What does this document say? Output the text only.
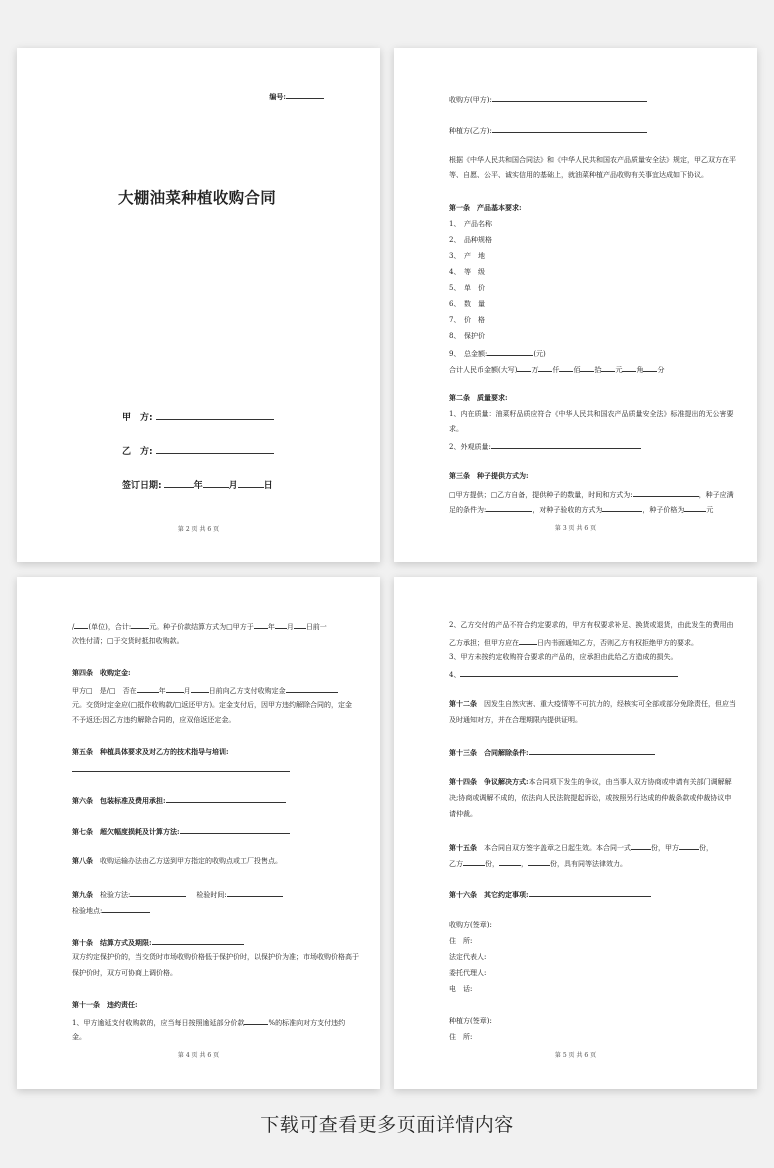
编号:
大棚油菜种植收购合同
甲　方:
乙　方:
签订日期:	年	月	日
第 2 页 共 6 页
收购方(甲方):
种植方(乙方):
根据《中华人民共和国合同法》和《中华人民共和国农产品质量安全法》规定，甲乙双方在平
等、自愿、公平、诚实信用的基础上，就油菜种植产品收购有关事宜达成如下协议。
第一条　产品基本要求:
1、　产品名称
2、　品种规格
3、　产　地
4、　等　级
5、　单　价
6、　数　量
7、　价　格
8、　保护价
9、　总金额:	(元)
合计人民币金额(大写) 万 仟 佰 拾 元 角 分
第二条　质量要求:
1、内在质量：油菜籽品质应符合《中华人民共和国农产品质量安全法》标准提出的无公害要
求。
2、外观质量:
第三条　种子提供方式为:
□甲方提供；□乙方自备，提供种子的数量，时间和方式为:	，种子应满
足的条件为:	，对种子验收的方式为	，种子价格为	元
第 3 页 共 6 页
/ (单位)，合计:	元。种子价款结算方式为□甲方于 年 月 日前一
次性付清；□于交货时抵扣收购款。
第四条　收购定金:
甲方□　是/□　否在	年	月	日前向乙方支付收购定金
元。交货时定金应(□抵作收购款/□返还甲方)。定金支付后，因甲方违约解除合同的，定金
不予返还;因乙方违约解除合同的，应双倍返还定金。
第五条　种植具体要求及对乙方的技术指导与培训:
第六条　包装标准及费用承担:
第七条　超欠幅度损耗及计算方法:
第八条　收购运输办法由乙方送到甲方指定的收购点或工厂投售点。
第九条　检验方法:	检验时间:
检验地点:
第十条　结算方式及期限:
双方约定保护价的，当交货时市场收购价格低于保护价时，以保护价为准；市场收购价格高于
保护价时，双方可协商上调价格。
第十一条　违约责任:
1、甲方逾延支付收购款的，应当每日按照逾延部分价款	%的标准向对方支付违约
金。
第 4 页 共 6 页
2、乙方交付的产品不符合约定要求的，甲方有权要求补足、换货或退货，由此发生的费用由
乙方承担；但甲方应在	日内书面通知乙方，否则乙方有权拒绝甲方的要求。
3、甲方未按约定收购符合要求的产品的，应承担由此给乙方造成的损失。
4、
第十二条　因发生自然灾害、重大疫情等不可抗力的，经核实可全部或部分免除责任，但应当
及时通知对方，并在合理期限内提供证明。
第十三条　合同解除条件:
第十四条　争议解决方式:本合同项下发生的争议，由当事人双方协商或申请有关部门调解解
决;协商或调解不成的，依法向人民法院提起诉讼，或按照另行达成的仲裁条款或仲裁协议申
请仲裁。
第十五条　本合同自双方签字盖章之日起生效。本合同一式	份，甲方	份，
乙方	份，	，	份，具有同等法律效力。
第十六条　其它约定事项:
收购方(签章):
住　所:
法定代表人:
委托代理人:
电　话:
种植方(签章):
住　所:
第 5 页 共 6 页
下载可查看更多页面详情内容
